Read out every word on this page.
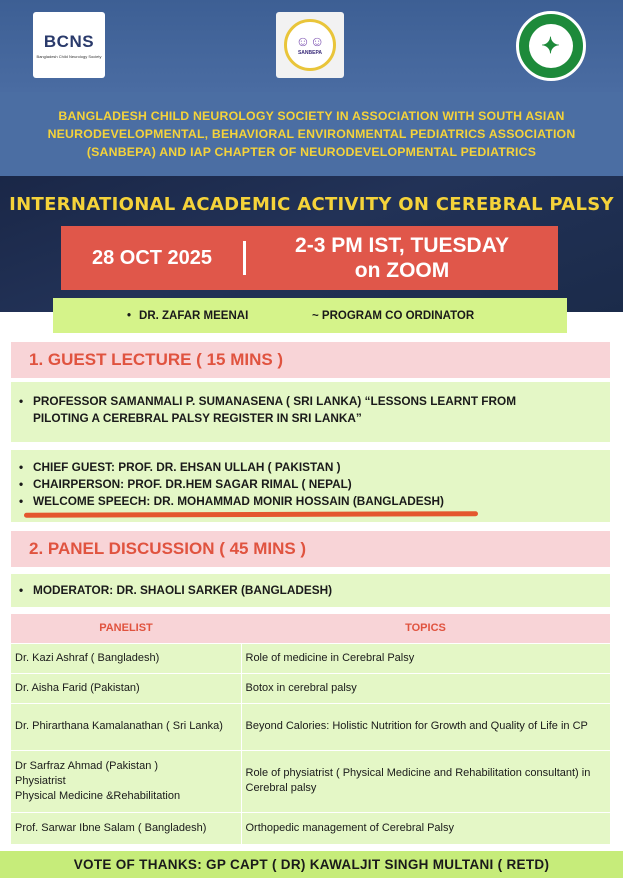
BCNS
Bangladesh Child Neurology Society
☺☺
SANBEPA	✦
BANGLADESH CHILD NEUROLOGY SOCIETY IN ASSOCIATION WITH SOUTH ASIAN NEURODEVELOPMENTAL, BEHAVIORAL ENVIRONMENTAL PEDIATRICS ASSOCIATION (SANBEPA) AND IAP CHAPTER OF NEURODEVELOPMENTAL PEDIATRICS
INTERNATIONAL ACADEMIC ACTIVITY ON CEREBRAL PALSY
28 OCT 2025
2-3 PM IST, TUESDAY
on ZOOM
• DR. ZAFAR MEENAI	~ PROGRAM CO ORDINATOR
1. GUEST LECTURE ( 15 MINS )
• PROFESSOR SAMANMALI P. SUMANASENA ( SRI LANKA) “LESSONS LEARNT FROM PILOTING A CEREBRAL PALSY REGISTER IN SRI LANKA”
• CHIEF GUEST: PROF. DR. EHSAN ULLAH ( PAKISTAN )
• CHAIRPERSON: PROF. DR.HEM SAGAR RIMAL ( NEPAL)
• WELCOME SPEECH: DR. MOHAMMAD MONIR HOSSAIN (BANGLADESH)
2. PANEL DISCUSSION ( 45 MINS )
• MODERATOR: DR. SHAOLI SARKER (BANGLADESH)
PANELIST	TOPICS
Dr. Kazi Ashraf ( Bangladesh)	Role of medicine in Cerebral Palsy
Dr. Aisha Farid (Pakistan)	Botox in cerebral palsy
Dr. Phirarthana Kamalanathan ( Sri Lanka)	Beyond Calories: Holistic Nutrition for Growth and Quality of Life in CP
Dr Sarfraz Ahmad (Pakistan )
Physiatrist
Physical Medicine &Rehabilitation	Role of physiatrist ( Physical Medicine and Rehabilitation consultant) in Cerebral palsy
Prof. Sarwar Ibne Salam ( Bangladesh)	Orthopedic management of Cerebral Palsy
VOTE OF THANKS: GP CAPT ( DR) KAWALJIT SINGH MULTANI ( RETD)
